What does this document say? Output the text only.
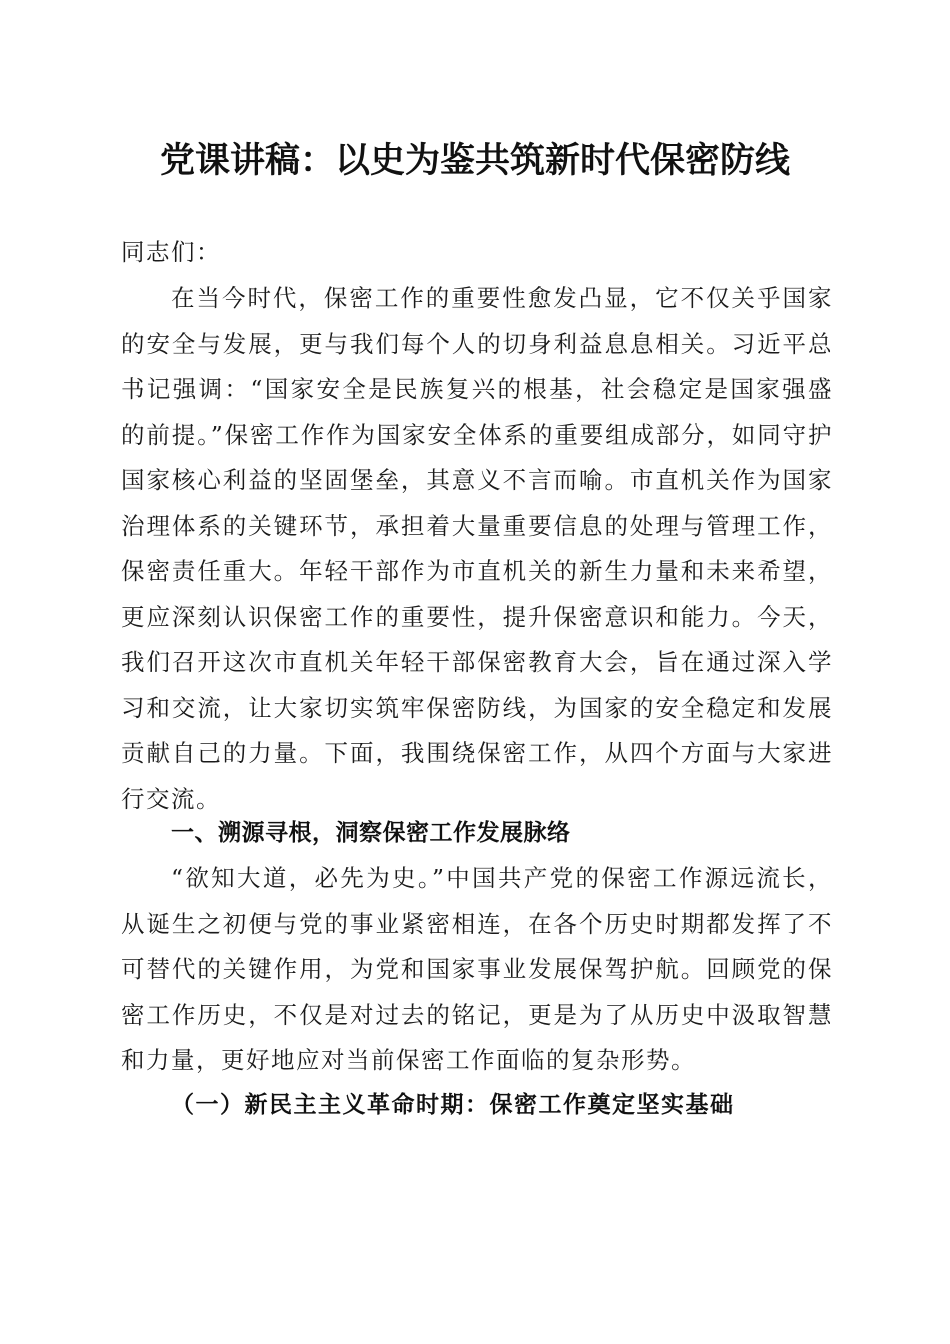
党课讲稿：以史为鉴共筑新时代保密防线

同志们：

在当今时代，保密工作的重要性愈发凸显，它不仅关乎国家的安全与发展，更与我们每个人的切身利益息息相关。习近平总书记强调：“国家安全是民族复兴的根基，社会稳定是国家强盛的前提。”保密工作作为国家安全体系的重要组成部分，如同守护国家核心利益的坚固堡垒，其意义不言而喻。市直机关作为国家治理体系的关键环节，承担着大量重要信息的处理与管理工作，保密责任重大。年轻干部作为市直机关的新生力量和未来希望，更应深刻认识保密工作的重要性，提升保密意识和能力。今天，我们召开这次市直机关年轻干部保密教育大会，旨在通过深入学习和交流，让大家切实筑牢保密防线，为国家的安全稳定和发展贡献自己的力量。下面，我围绕保密工作，从四个方面与大家进行交流。

一、溯源寻根，洞察保密工作发展脉络

“欲知大道，必先为史。”中国共产党的保密工作源远流长，从诞生之初便与党的事业紧密相连，在各个历史时期都发挥了不可替代的关键作用，为党和国家事业发展保驾护航。回顾党的保密工作历史，不仅是对过去的铭记，更是为了从历史中汲取智慧和力量，更好地应对当前保密工作面临的复杂形势。

（一）新民主主义革命时期：保密工作奠定坚实基础
